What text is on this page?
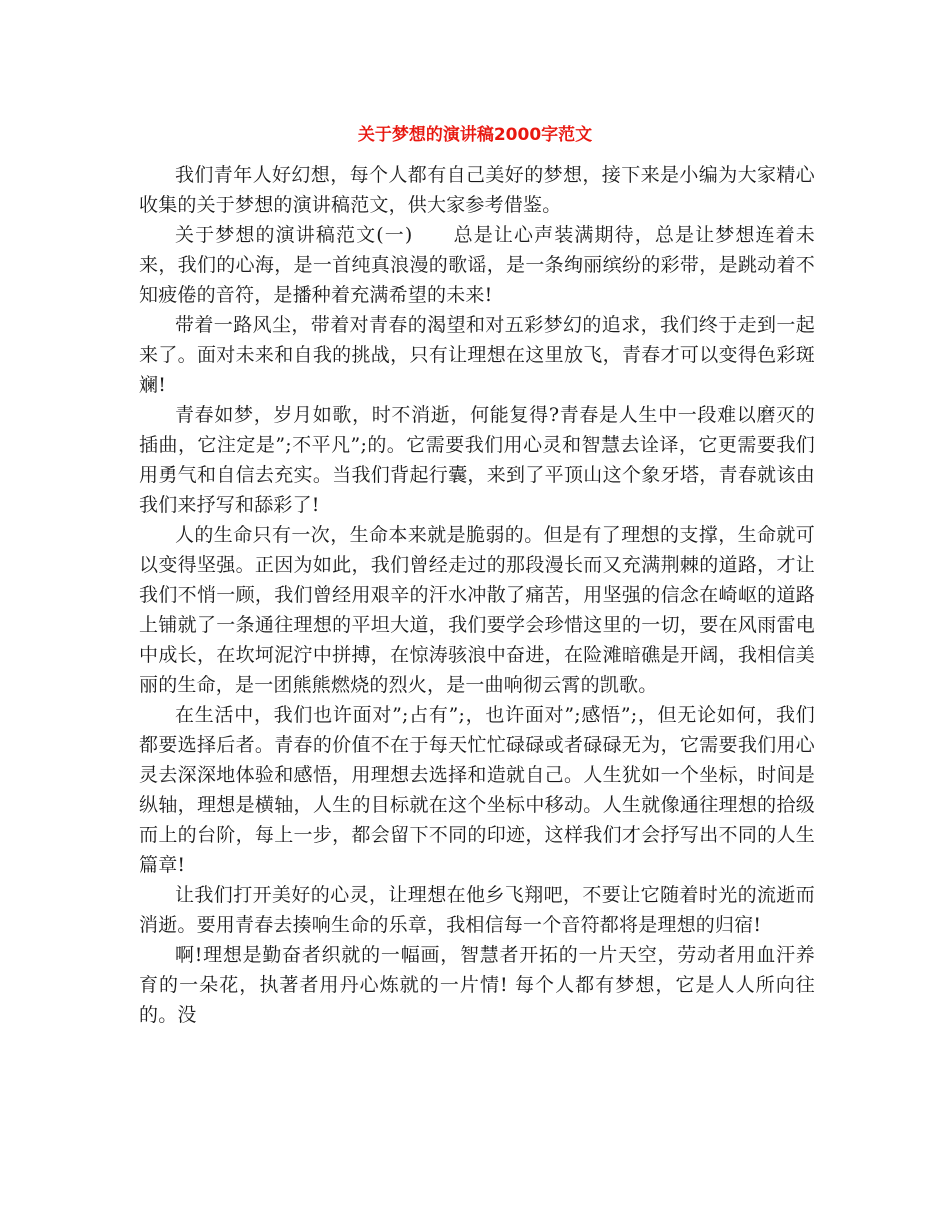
关于梦想的演讲稿2000字范文

我们青年人好幻想，每个人都有自己美好的梦想，接下来是小编为大家精心收集的关于梦想的演讲稿范文，供大家参考借鉴。

关于梦想的演讲稿范文(一)　　总是让心声装满期待，总是让梦想连着未来，我们的心海，是一首纯真浪漫的歌谣，是一条绚丽缤纷的彩带，是跳动着不知疲倦的音符，是播种着充满希望的未来!

带着一路风尘，带着对青春的渴望和对五彩梦幻的追求，我们终于走到一起来了。面对未来和自我的挑战，只有让理想在这里放飞，青春才可以变得色彩斑斓!

青春如梦，岁月如歌，时不消逝，何能复得?青春是人生中一段难以磨灭的插曲，它注定是”;不平凡”;的。它需要我们用心灵和智慧去诠译，它更需要我们用勇气和自信去充实。当我们背起行囊，来到了平顶山这个象牙塔，青春就该由我们来抒写和舔彩了!

人的生命只有一次，生命本来就是脆弱的。但是有了理想的支撑，生命就可以变得坚强。正因为如此，我们曾经走过的那段漫长而又充满荆棘的道路，才让我们不悄一顾，我们曾经用艰辛的汗水冲散了痛苦，用坚强的信念在崎岖的道路上铺就了一条通往理想的平坦大道，我们要学会珍惜这里的一切，要在风雨雷电中成长，在坎坷泥泞中拼搏，在惊涛骇浪中奋进，在险滩暗礁是开阔，我相信美丽的生命，是一团熊熊燃烧的烈火，是一曲响彻云霄的凯歌。

在生活中，我们也许面对”;占有”;，也许面对”;感悟”;，但无论如何，我们都要选择后者。青春的价值不在于每天忙忙碌碌或者碌碌无为，它需要我们用心灵去深深地体验和感悟，用理想去选择和造就自己。人生犹如一个坐标，时间是纵轴，理想是横轴，人生的目标就在这个坐标中移动。人生就像通往理想的拾级而上的台阶，每上一步，都会留下不同的印迹，这样我们才会抒写出不同的人生篇章!

让我们打开美好的心灵，让理想在他乡飞翔吧，不要让它随着时光的流逝而消逝。要用青春去揍响生命的乐章，我相信每一个音符都将是理想的归宿!

啊!理想是勤奋者织就的一幅画，智慧者开拓的一片天空，劳动者用血汗养育的一朵花，执著者用丹心炼就的一片情! 每个人都有梦想，它是人人所向往的。没
